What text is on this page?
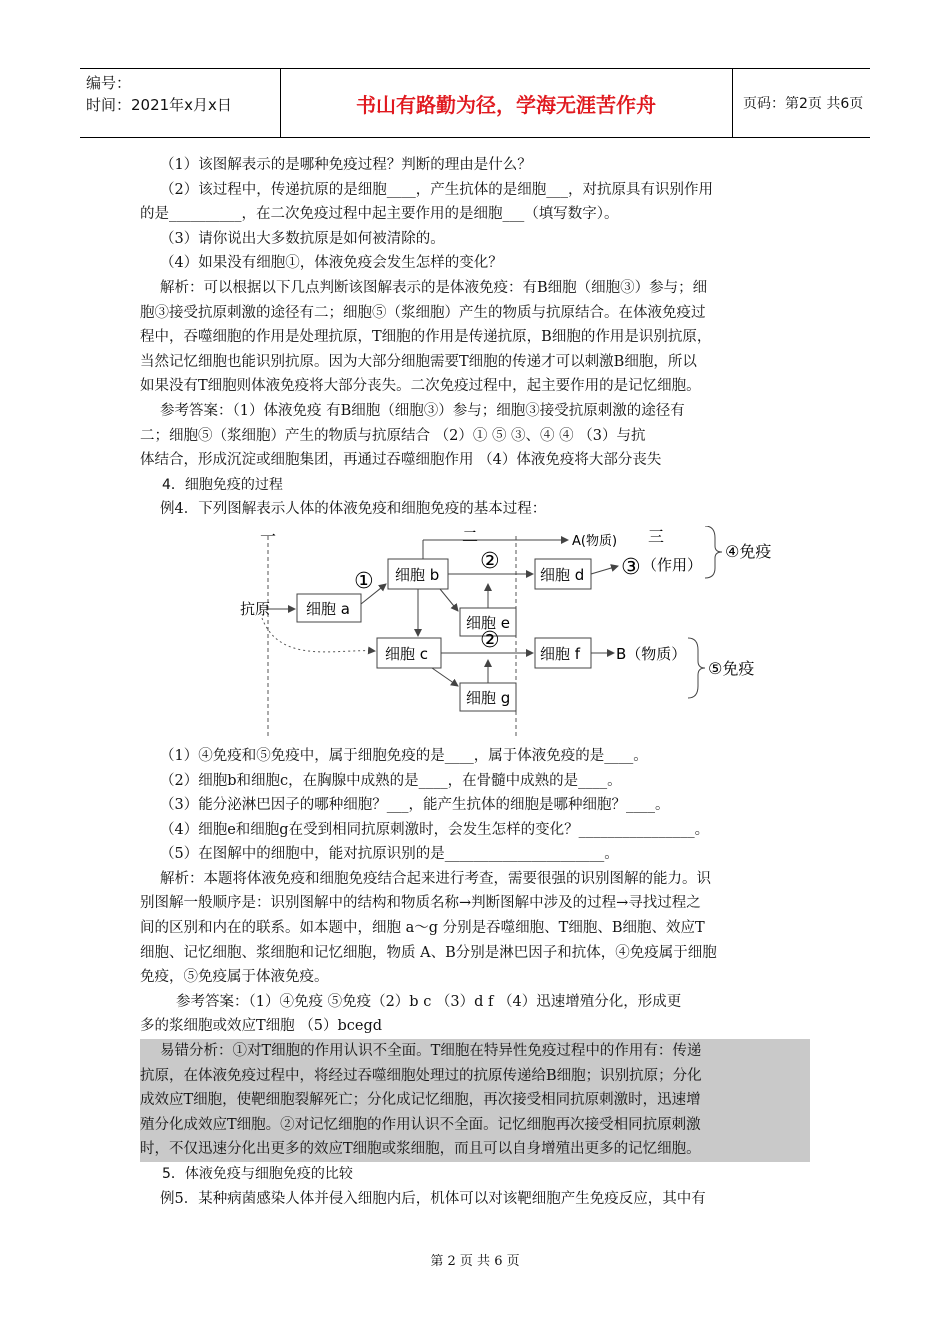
编号：
时间：2021年x月x日	书山有路勤为径，学海无涯苦作舟	页码：第2页 共6页

（1）该图解表示的是哪种免疫过程？判断的理由是什么？

（2）该过程中，传递抗原的是细胞____，产生抗体的是细胞___，对抗原具有识别作用

的是__________，在二次免疫过程中起主要作用的是细胞___（填写数字）。

（3）请你说出大多数抗原是如何被清除的。

（4）如果没有细胞①，体液免疫会发生怎样的变化？

解析：可以根据以下几点判断该图解表示的是体液免疫：有B细胞（细胞③）参与；细

胞③接受抗原刺激的途径有二；细胞⑤（浆细胞）产生的物质与抗原结合。在体液免疫过

程中，吞噬细胞的作用是处理抗原，T细胞的作用是传递抗原，B细胞的作用是识别抗原，

当然记忆细胞也能识别抗原。因为大部分细胞需要T细胞的传递才可以刺激B细胞，所以

如果没有T细胞则体液免疫将大部分丧失。二次免疫过程中，起主要作用的是记忆细胞。

参考答案：（1）体液免疫 有B细胞（细胞③）参与；细胞③接受抗原刺激的途径有

二；细胞⑤（浆细胞）产生的物质与抗原结合 （2）① ⑤ ③、④ ④ （3）与抗

体结合，形成沉淀或细胞集团，再通过吞噬细胞作用 （4）体液免疫将大部分丧失

4．细胞免疫的过程

例4．下列图解表示人体的体液免疫和细胞免疫的基本过程：

一	二	三
抗原 细胞 a
① 细胞 b
A(物质)
②
细胞 e
细胞 d ③ （作用）
④免疫
细胞 c
②
细胞 g
细胞 f B（物质）
⑤免疫

（1）④免疫和⑤免疫中，属于细胞免疫的是____，属于体液免疫的是____。

（2）细胞b和细胞c，在胸腺中成熟的是____，在骨髓中成熟的是____。

（3）能分泌淋巴因子的哪种细胞？___，能产生抗体的细胞是哪种细胞？____。

（4）细胞e和细胞g在受到相同抗原刺激时，会发生怎样的变化？________________。

（5）在图解中的细胞中，能对抗原识别的是______________________。

解析：本题将体液免疫和细胞免疫结合起来进行考查，需要很强的识别图解的能力。识

别图解一般顺序是：识别图解中的结构和物质名称→判断图解中涉及的过程→寻找过程之

间的区别和内在的联系。如本题中，细胞 a～g 分别是吞噬细胞、T细胞、B细胞、效应T

细胞、记忆细胞、浆细胞和记忆细胞，物质 A、B分别是淋巴因子和抗体，④免疫属于细胞

免疫，⑤免疫属于体液免疫。

参考答案：（1）④免疫 ⑤免疫（2）b c （3）d f （4）迅速增殖分化，形成更

多的浆细胞或效应T细胞 （5）bcegd

易错分析：①对T细胞的作用认识不全面。T细胞在特异性免疫过程中的作用有：传递

抗原，在体液免疫过程中，将经过吞噬细胞处理过的抗原传递给B细胞；识别抗原；分化

成效应T细胞，使靶细胞裂解死亡；分化成记忆细胞，再次接受相同抗原刺激时，迅速增

殖分化成效应T细胞。②对记忆细胞的作用认识不全面。记忆细胞再次接受相同抗原刺激

时，不仅迅速分化出更多的效应T细胞或浆细胞，而且可以自身增殖出更多的记忆细胞。

5．体液免疫与细胞免疫的比较

例5．某种病菌感染人体并侵入细胞内后，机体可以对该靶细胞产生免疫反应，其中有

第 2 页 共 6 页
